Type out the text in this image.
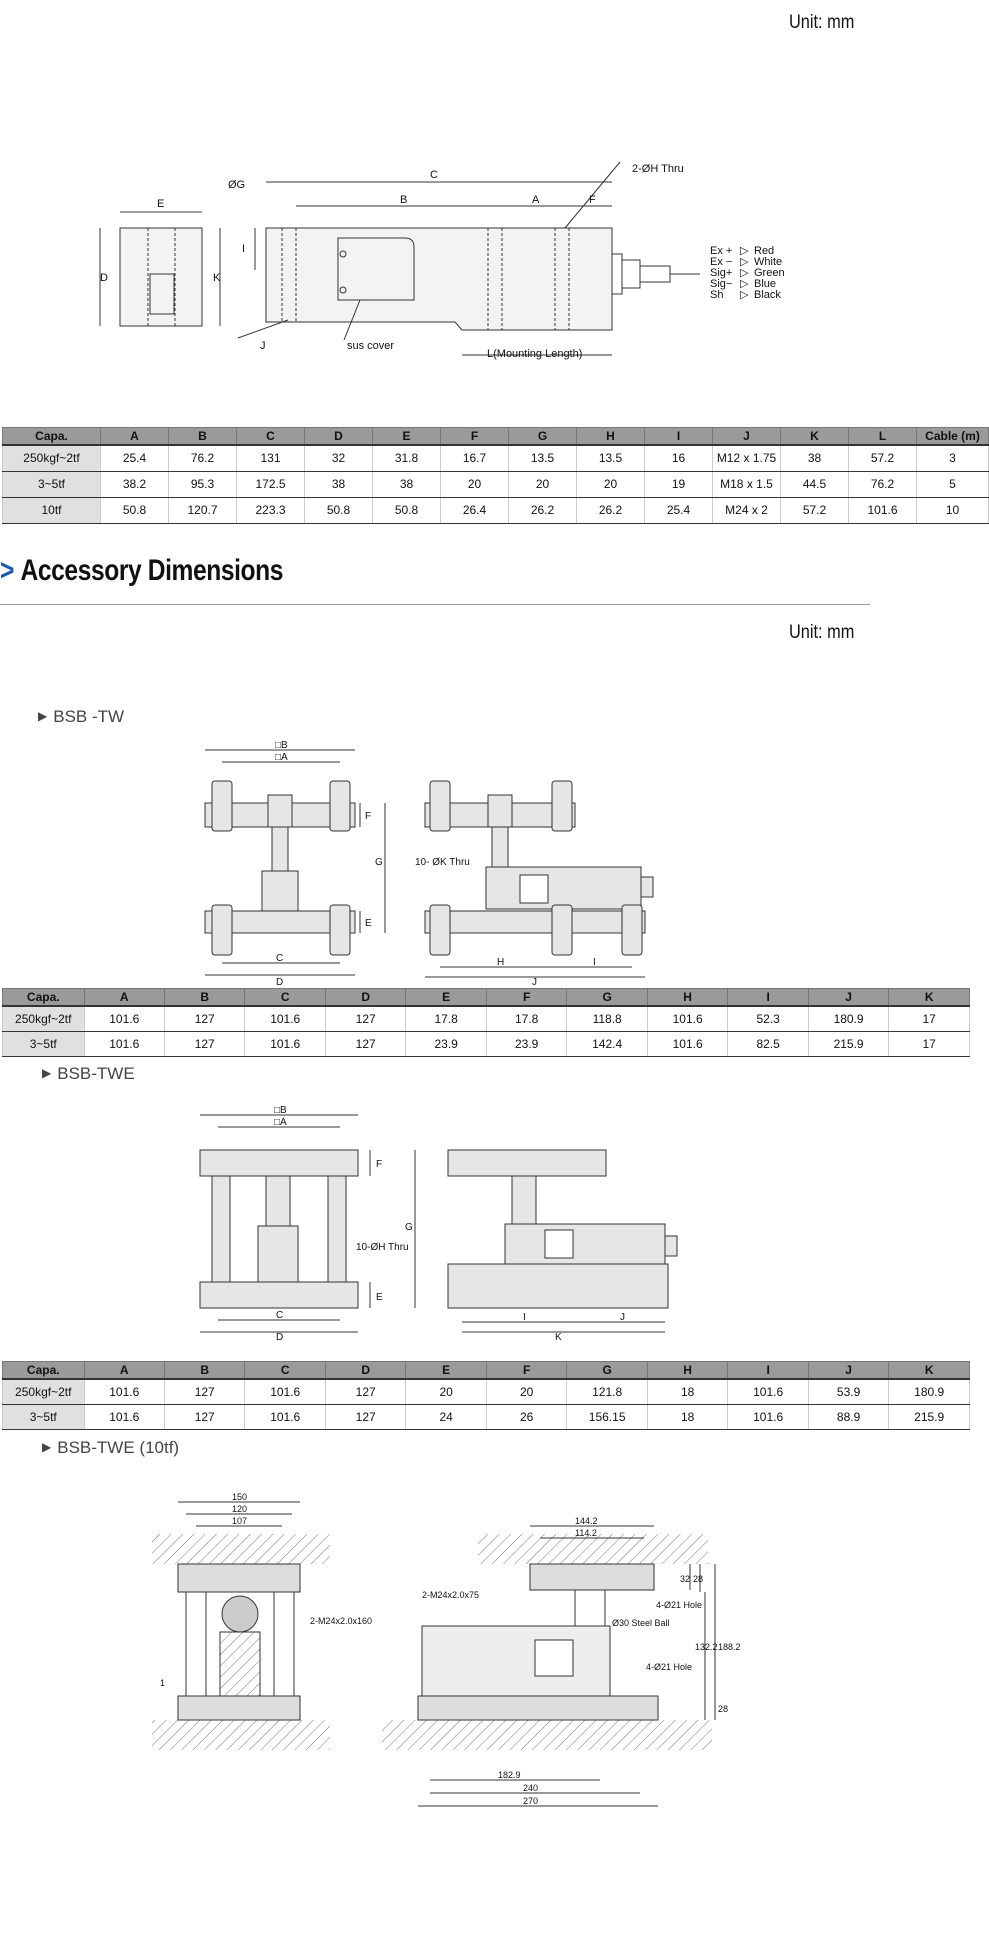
Unit: mm
Unit: mm
E
D	K
I
ØG
C
B	A	F
J
2-ØH Thru
sus cover
L(Mounting Length)
Ex + ▷ Red
Ex − ▷ White
Sig+ ▷ Green
Sig− ▷ Blue
Sh ▷ Black
Capa.	A	B	C	D	E	F	G	H	I	J	K	L	Cable (m)
250kgf~2tf	25.4	76.2	131	32	31.8	16.7	13.5	13.5	16	M12 x 1.75	38	57.2	3
3~5tf	38.2	95.3	172.5	38	38	20	20	20	19	M18 x 1.5	44.5	76.2	5
10tf	50.8	120.7	223.3	50.8	50.8	26.4	26.2	26.2	25.4	M24 x 2	57.2	101.6	10
> Accessory Dimensions
▶ BSB -TW
□B
□A
F
G
E
C
D
10- ØK Thru
H	I
J
Capa.	A	B	C	D	E	F	G	H	I	J	K
250kgf~2tf	101.6	127	101.6	127	17.8	17.8	118.8	101.6	52.3	180.9	17
3~5tf	101.6	127	101.6	127	23.9	23.9	142.4	101.6	82.5	215.9	17
▶ BSB-TWE
□B
□A
F
G
10-ØH Thru
E
C
D
I	J
K
Capa.	A	B	C	D	E	F	G	H	I	J	K
250kgf~2tf	101.6	127	101.6	127	20	20	121.8	18	101.6	53.9	180.9
3~5tf	101.6	127	101.6	127	24	26	156.15	18	101.6	88.9	215.9
▶ BSB-TWE (10tf)
150
120
107
2-M24x2.0x160
1
144.2
114.2
32 28
4-Ø21 Hole
2-M24x2.0x75
Ø30 Steel Ball
132.2 188.2
4-Ø21 Hole
28
182.9
240
270
